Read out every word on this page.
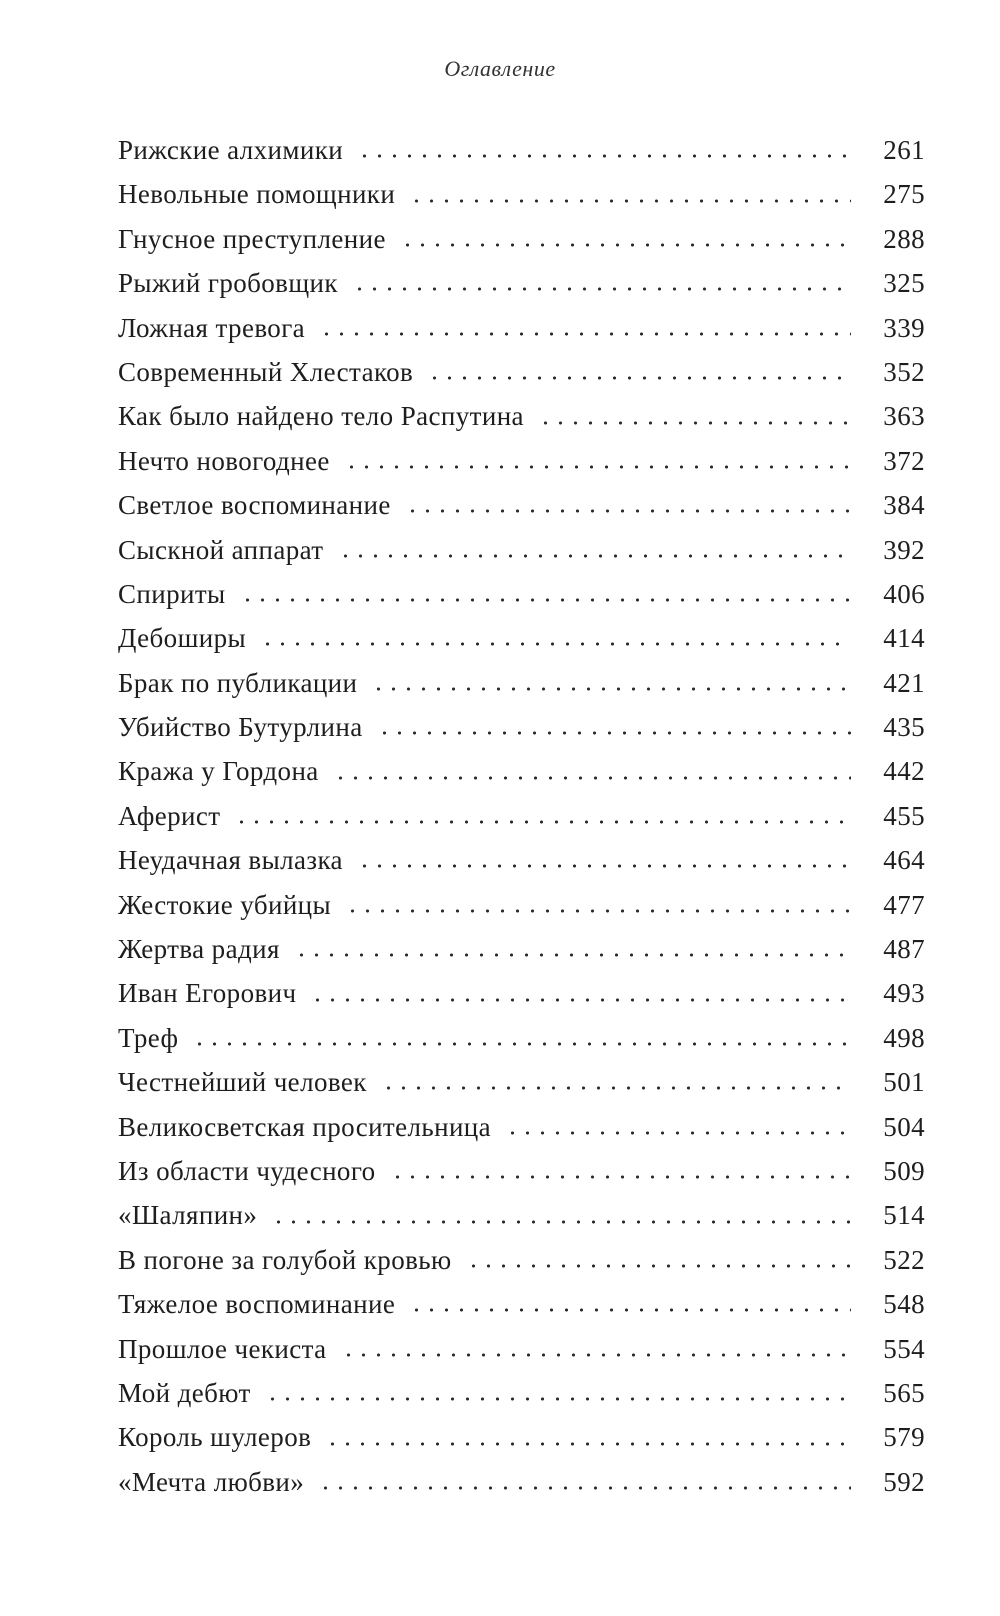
Оглавление
Рижские алхимики	261
Невольные помощники	275
Гнусное преступление	288
Рыжий гробовщик	325
Ложная тревога	339
Современный Хлестаков	352
Как было найдено тело Распутина	363
Нечто новогоднее	372
Светлое воспоминание	384
Сыскной аппарат	392
Спириты	406
Дебоширы	414
Брак по публикации	421
Убийство Бутурлина	435
Кража у Гордона	442
Аферист	455
Неудачная вылазка	464
Жестокие убийцы	477
Жертва радия	487
Иван Егорович	493
Треф	498
Честнейший человек	501
Великосветская просительница	504
Из области чудесного	509
«Шаляпин»	514
В погоне за голубой кровью	522
Тяжелое воспоминание	548
Прошлое чекиста	554
Мой дебют	565
Король шулеров	579
«Мечта любви»	592
